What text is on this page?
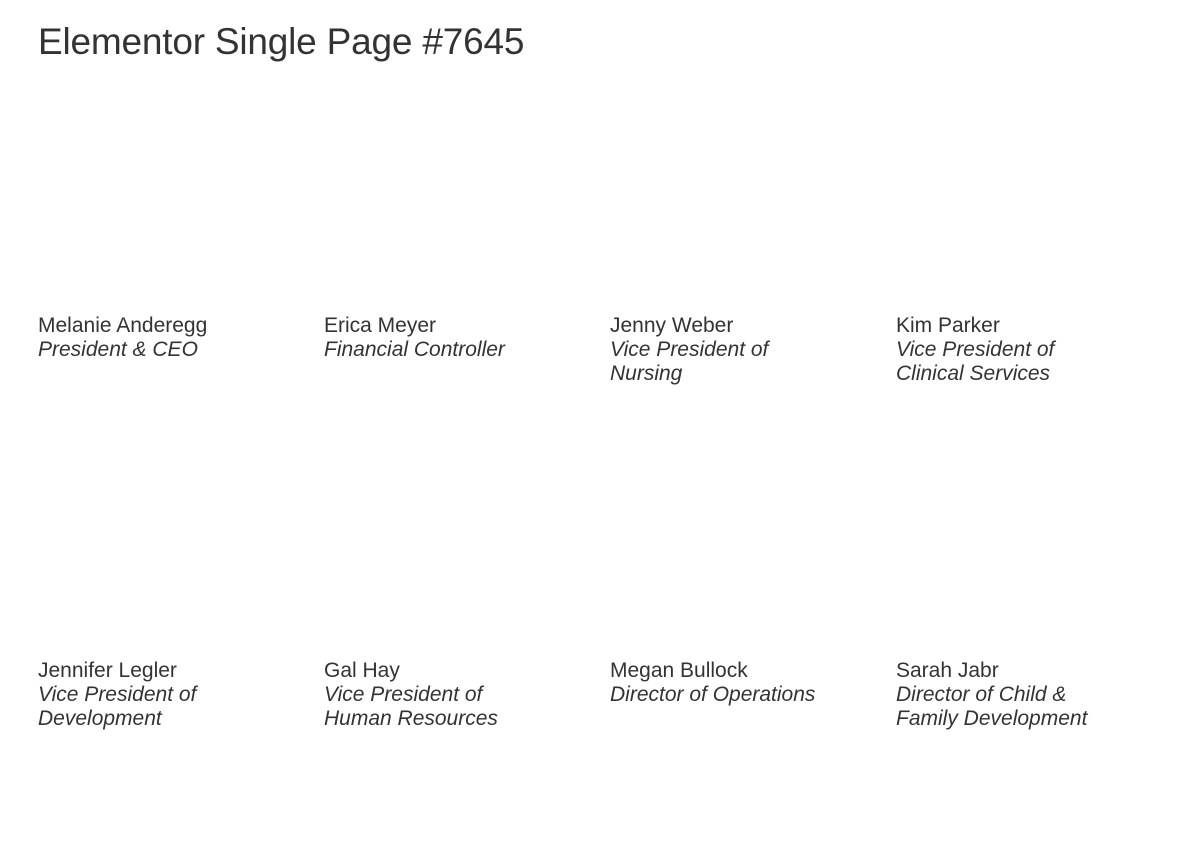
Elementor Single Page #7645
Melanie Anderegg
President & CEO
Erica Meyer
Financial Controller
Jenny Weber
Vice President of Nursing
Kim Parker
Vice President of Clinical Services
Jennifer Legler
Vice President of Development
Gal Hay
Vice President of Human Resources
Megan Bullock
Director of Operations
Sarah Jabr
Director of Child & Family Development
